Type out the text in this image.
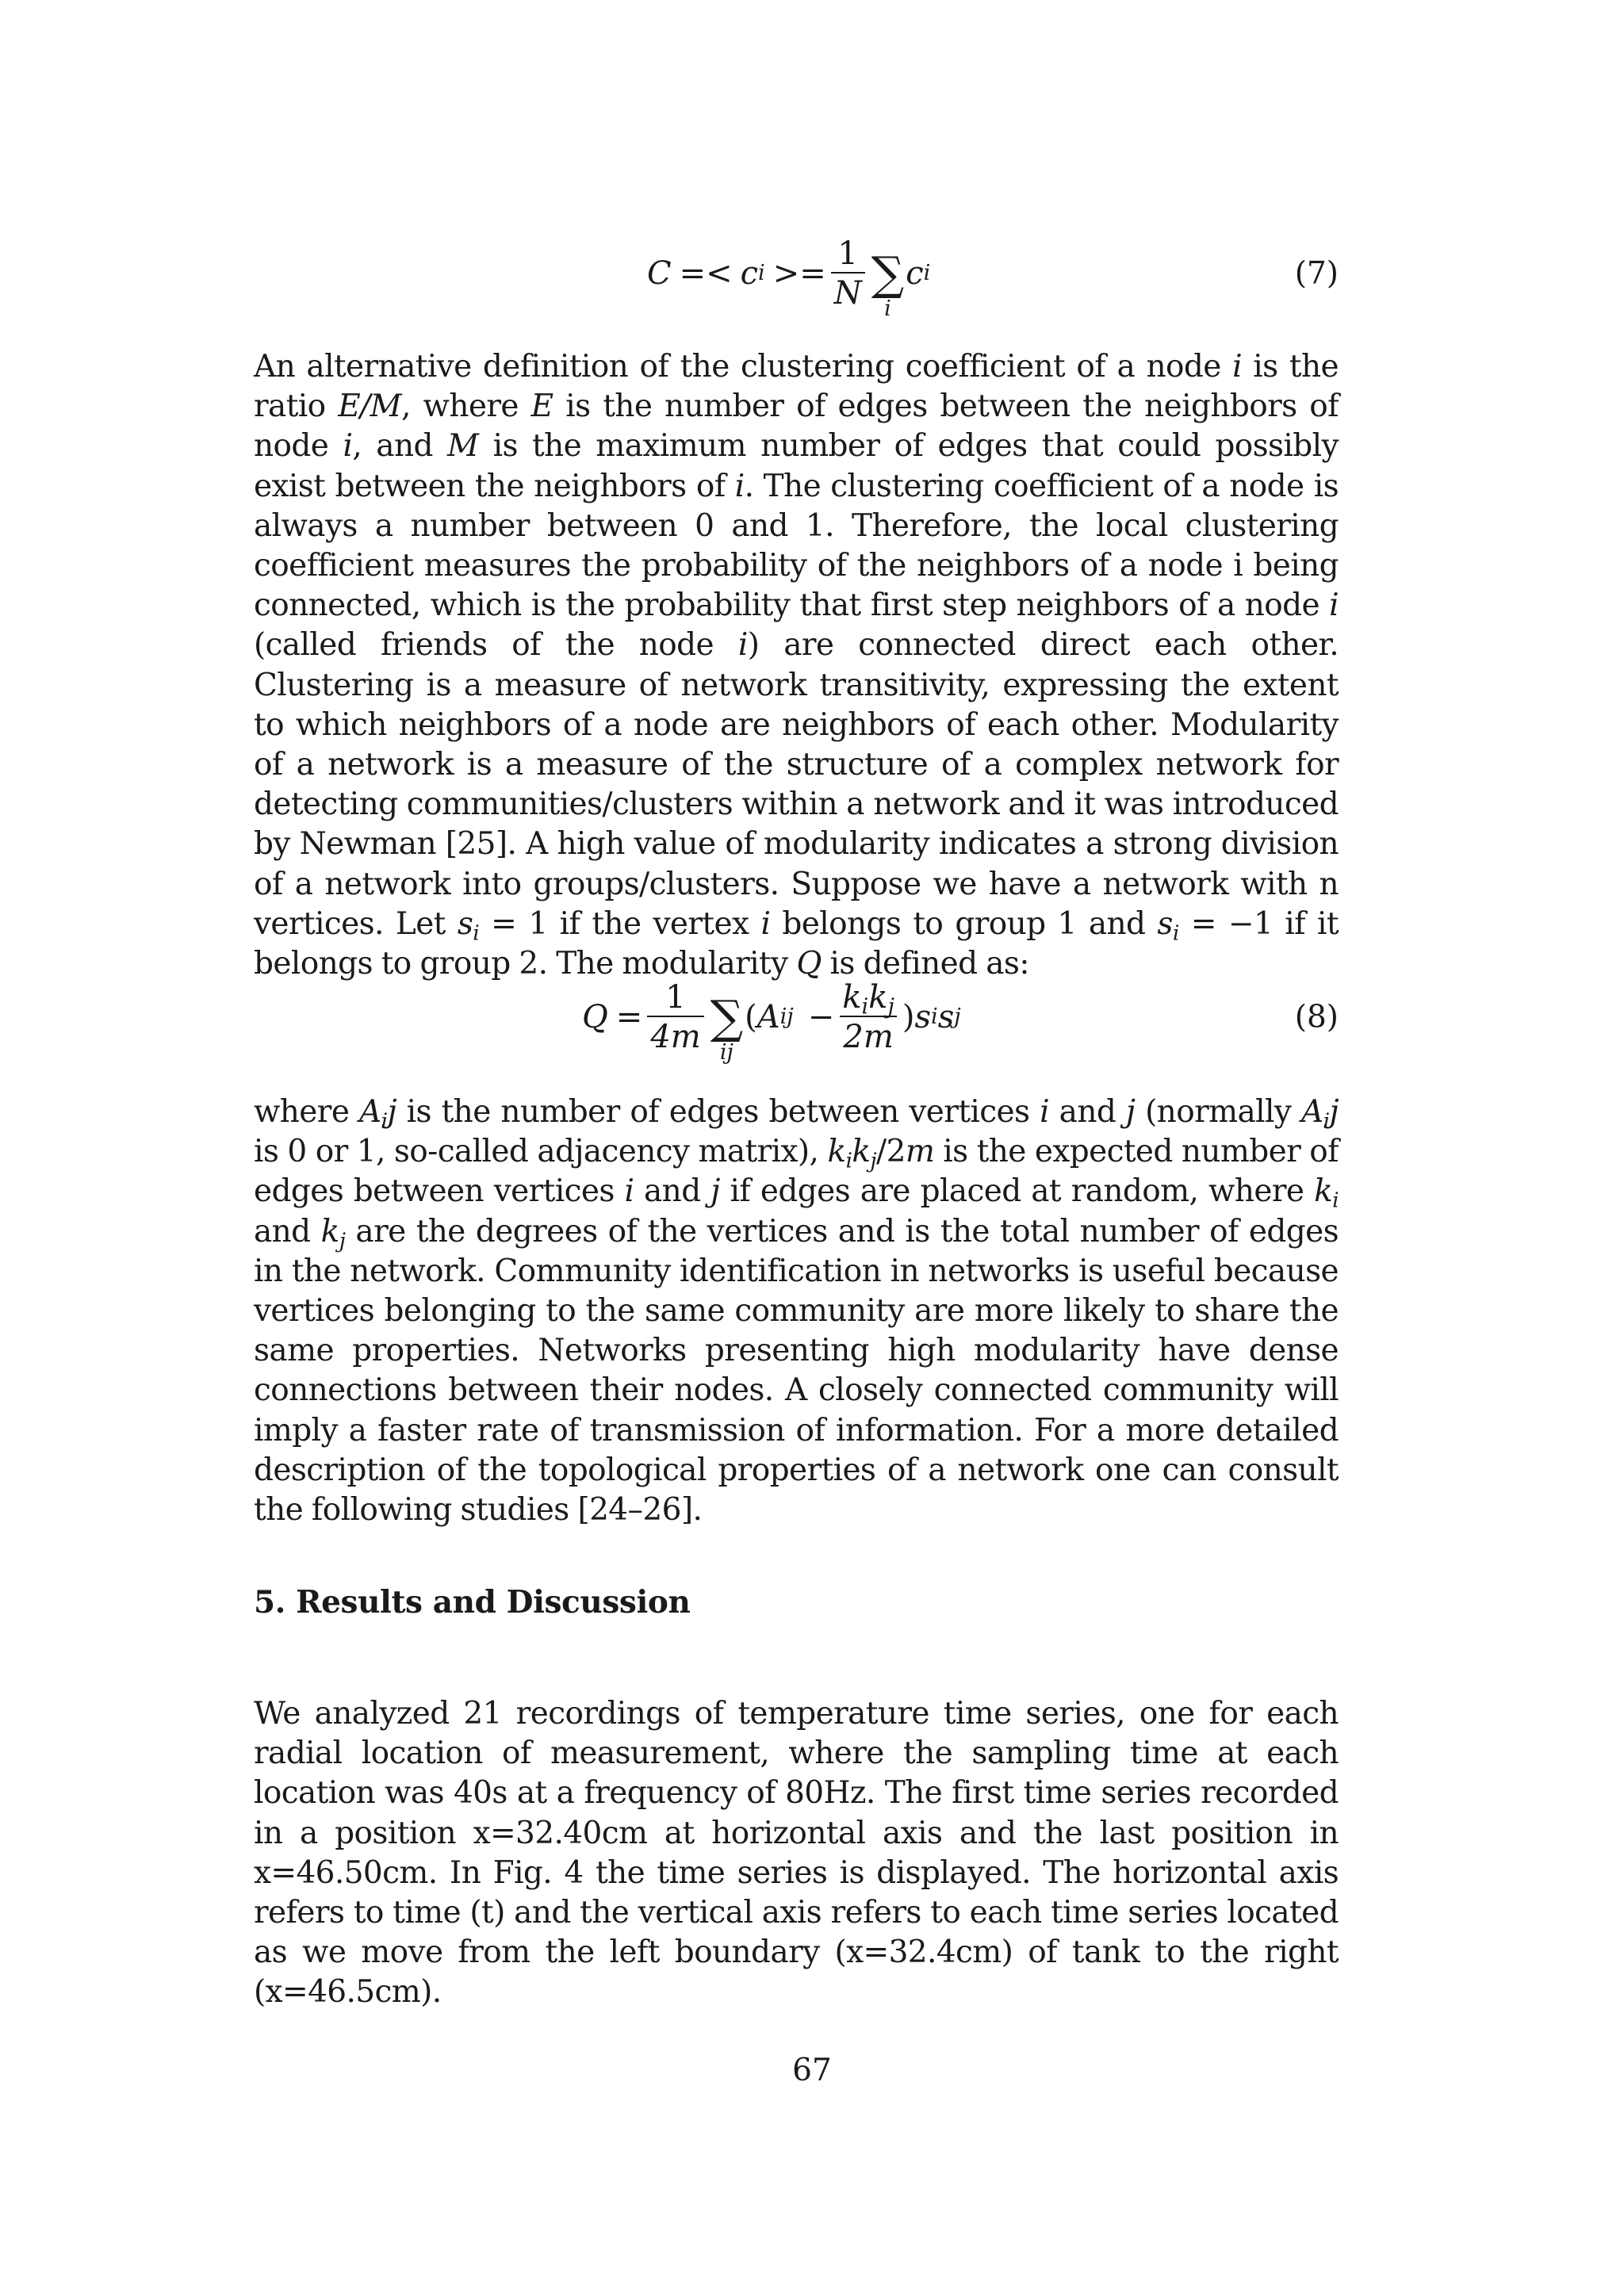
C =< c $i >= \frac{1}{N}$ ∑
i
c i	(7)

An alternative definition of the clustering coefficient of a node i is the ratio E/M, where E is the number of edges between the neighbors of node i, and M is the maximum number of edges that could possibly exist between the neighbors of i. The clustering coefficient of a node is always a number between 0 and 1. Therefore, the local clustering coefficient measures the probability of the neighbors of a node i being connected, which is the probability that first step neighbors of a node i (called friends of the node i) are connected direct each other. Clustering is a measure of network transitivity, expressing the extent to which neighbors of a node are neighbors of each other. Modularity of a network is a measure of the structure of a complex network for detecting communities/clusters within a network and it was introduced by Newman [25]. A high value of modularity indicates a strong division of a network into groups/clusters. Suppose we have a network with n vertices. Let $s_i = 1$ if the vertex i belongs to group 1 and $s_i = -1$ if it belongs to group 2. The modularity Q is defined as:

$Q = \frac{1}{4m}$ ∑
ij
( A ij − $\frac{k_ik_j}{2m}$ ) s i s j	(8)

where $A_ij$ is the number of edges between vertices i and j (normally $A_ij$ is 0 or 1, so-called adjacency matrix), $k_ik_j/2m$ is the expected number of edges between vertices i and j if edges are placed at random, where $k_i$ and $k_j$ are the degrees of the vertices and is the total number of edges in the network. Community identification in networks is useful because vertices belonging to the same community are more likely to share the same properties. Networks presenting high modularity have dense connections between their nodes. A closely connected community will imply a faster rate of transmission of information. For a more detailed description of the topological properties of a network one can consult the following studies [24–26].

5. Results and Discussion

We analyzed 21 recordings of temperature time series, one for each radial location of measurement, where the sampling time at each location was 40s at a frequency of 80Hz. The first time series recorded in a position x=32.40cm at horizontal axis and the last position in x=46.50cm. In Fig. 4 the time series is displayed. The horizontal axis refers to time (t) and the vertical axis refers to each time series located as we move from the left boundary (x=32.4cm) of tank to the right (x=46.5cm).

67
